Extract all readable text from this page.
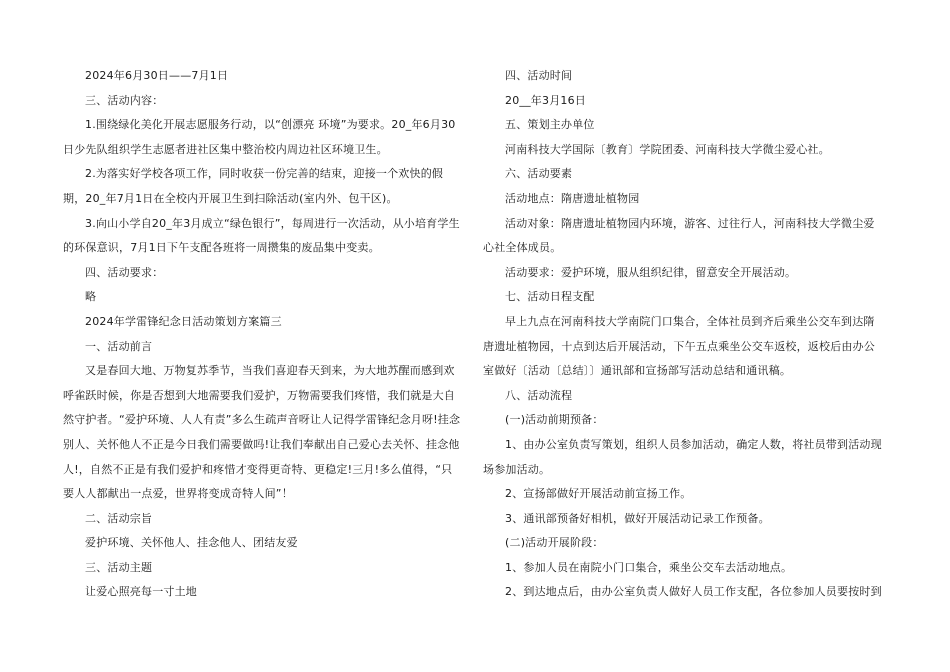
2024年6月30日——7月1日

三、活动内容：

1.围绕绿化美化开展志愿服务行动，以“创漂亮 环境”为要求。20_年6月30日少先队组织学生志愿者进社区集中整治校内周边社区环境卫生。

2.为落实好学校各项工作，同时收获一份完善的结束，迎接一个欢快的假期，20_年7月1日在全校内开展卫生到扫除活动(室内外、包干区)。

3.向山小学自20_年3月成立“绿色银行”，每周进行一次活动，从小培育学生的环保意识，7月1日下午支配各班将一周攒集的废品集中变卖。

四、活动要求：

略

2024年学雷锋纪念日活动策划方案篇三

一、活动前言

又是春回大地、万物复苏季节，当我们喜迎春天到来，为大地苏醒而感到欢呼雀跃时候，你是否想到大地需要我们爱护，万物需要我们疼惜，我们就是大自然守护者。“爱护环境、人人有责”多么生疏声音呀让人记得学雷锋纪念月呀!挂念别人、关怀他人不正是今日我们需要做吗!让我们奉献出自己爱心去关怀、挂念他人!，自然不正是有我们爱护和疼惜才变得更奇特、更稳定!三月!多么值得，“只要人人都献出一点爱，世界将变成奇特人间”！

二、活动宗旨

爱护环境、关怀他人、挂念他人、团结友爱

三、活动主题

让爱心照亮每一寸土地

四、活动时间

20__年3月16日

五、策划主办单位

河南科技大学国际〔教育〕学院团委、河南科技大学微尘爱心社。

六、活动要素

活动地点：隋唐遗址植物园

活动对象：隋唐遗址植物园内环境，游客、过往行人，河南科技大学微尘爱心社全体成员。

活动要求：爱护环境，服从组织纪律，留意安全开展活动。

七、活动日程支配

早上九点在河南科技大学南院门口集合，全体社员到齐后乘坐公交车到达隋唐遗址植物园，十点到达后开展活动，下午五点乘坐公交车返校，返校后由办公室做好〔活动〔总结〕〕通讯部和宣扬部写活动总结和通讯稿。

八、活动流程

(一)活动前期预备：

1、由办公室负责写策划，组织人员参加活动，确定人数，将社员带到活动现场参加活动。

2、宣扬部做好开展活动前宣扬工作。

3、通讯部预备好相机，做好开展活动记录工作预备。

(二)活动开展阶段：

1、参加人员在南院小门口集合，乘坐公交车去活动地点。

2、到达地点后，由办公室负责人做好人员工作支配，各位参加人员要按时到
